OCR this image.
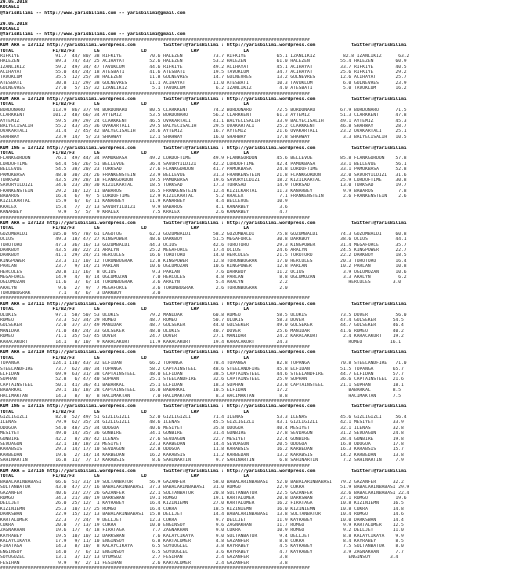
29.05.2018
KOCAELI
@YarisBilimi -- http://www.yarisbilimi.com -- yarisbilimi@gmail.com
29.05.2018
KOCAELI
@YarisBilimi -- http://www.yarisbilimi.com -- yarisbilimi@gmail.com
################################################################################################################
KUM ARA = 137112 http://yarisbilimi.wordpress.com          twitter:@YarisBilimi : http://yarisbilimi.wordpress.com             twitter:@YarisBilimi
TOTAL              F1/B2/F3       LG               LD                LRP                LA
RIFKIYE             91.7  44/ 80/ 38 RIFKIYE          70.6 HALEZEN           73.7 RIFKIYE           65.1 IZANLIKIZ          82.8 IZANLIKIZ      63.2
HALEZEN             89.3  74/ 43/ 25 ACIHAYAT         52.6 HALEZEN           53.2 HALEZEN           61.0 HALEZEN           55.4 HALEZEN        60.9
IZANLIKIZ           59.2  49/ 34/ 47 TAVUKLUM         44.6 RIFKIYE           49.2 ACIHAYAT          45.1 ACIHAYAT          33.7 RIFKIYE        40.5
ACIHAYAT            55.0  44/ 24/ 18 ATESBATI         41.6 ATESBATI          19.5 TAVUKLUM          34.7 ACIHAYAT          25.6 RIFKIYE        29.2
TAVUKLUM            35.5  12/ 25/ 38 HALEZEN          11.8 GULNEVRES         14.7 GULNEVRES         13.2 GULNEVRES         12.6 ACIHAYAT       25.7
ATESBATI            30.8  11/ 29/ 38 GULNEVRES        11.1 ACIHAYAT          11.0 ATESBATI          10.3 TAVUKLUM           6.0 GULNEVRES      23.9
GULNEVRES           27.0   5/ 15/ 32 IZANLIKIZ         5.1 TAVUKLUM           6.2 IZANLIKIZ          4.0 ATESBATI           5.0 TAVUKLUM       16.2
################################################################################################################
KUM ARA = 137120 http://yarisbilimi.wordpress.com          twitter:@YarisBilimi : http://yarisbilimi.wordpress.com             twitter:@YarisBilimi
TOTAL              F1/B2/F3       LG               LD                LRP                LA
BORDONARO          113.9  86/ 37/ 94 BORDONARO        80.5 CLARKKENT         74.2 BORDONARO         72.5 BORDONARO         67.9 BORDONARO      71.5
CLARKKENT          101.2  48/ 66/ 34 AYTEMIZ          53.5 BORDONARO         56.2 CLARKKENT         61.3 AYTEMIZ           51.3 CLARKKENT      47.8
AYTEMIZ             59.5  39/ 29/ 24 CLARKKENT        46.5 OVAKARTALI        41.1 BALYECISALIH      33.9 BALYECISALIH      49.1 AYTEMIZ        45.3
BALYECISALIH        55.2  43/ 35/ 36 OVAKARTALI       29.5 BALYECISALIH      29.5 OVAKARTALI        25.2 CLARKKENT         46.8 SHAHWAY        28.7
OVAKARTALI          31.4   2/ 45/ 42 BALYECISALIH     24.6 AYTEMIZ           16.7 AYTEMIZ           21.6 OVAKARTALI        23.2 OVAKARTALI     25.1
SHAHWAY             23.9  14/  5/ 23 SHAHWAY          12.1 SHAHWAY           16.0 SHAHWAY           17.8 SHAHWAY            3.3 BALYECISALIH   10.5
################################################################################################################
KUM ING = 137122 http://yarisbilimi.wordpress.com          twitter:@YarisBilimi : http://yarisbilimi.wordpress.com             twitter:@YarisBilimi
TOTAL              F1/B2/F3       LG               LD                LRP                LA
FLANKGORDON         76.1  49/ 44/ 34 PAMUKBASA        49.2 LORDOFTIME        49.9 FLANKGORDON       45.6 BELLEVUE          85.8 FLANKGORDON    57.8
LORDOFTIME          64.4  56/ 26/ 51 BELLEVUE         36.4 SAVURYILDIZI      42.2 LORDOFTIME        42.4 PAMUKBASA         33.1 BELLEVUE       56.1
BELLEVUE            54.5  38/ 20/ 23 TURKSAD          27.6 FLANKGORDON       41.7 PAMUKBASA         24.8 LORDOFTIME        33.1 PAMUKBASA      52.8
PAMUKBASA           48.0  30/ 24/ 26 FRANKENSTEIN     23.9 BELLEVUE          31.3 FRANKENSTEIN      21.8 FLANKGORDON       32.0 SAVURYILDIZI   31.6
TURKSAD             43.5  29/ 28/ 18 FLANKGORDON      19.5 PAMUKBASA         19.6 SAVURYILDIZI      18.2 KIZILKARTAL       25.9 LORDOFTIME     30.8
SAVURYILDIZI        34.6  23/ 28/ 30 KIZILKARTAL      18.5 TURKSAD           17.3 TURKSAD           14.9 TURKSAD           13.0 TURKSAD        19.7
FRANKENSTEIN        29.2  10/ 12/ 11 BABAROS          16.5 FRANKENSTEIN      12.4 KIZILKARTAL       11.3 KANARBEY           9.9 BABAROS         7.8
BABAROS             16.4   6/  9/  5 LORDOFTIME       12.9 KIZILKARTAL        5.2 KRALEX             7.1 FRANKENSTEIN       2.6 FRANKENSTEIN    2.6
KIZILKARTAL         15.9   6/  6/ 11 KANARBEY         11.9 KANARBEY           4.4 BELLEVUE          10.9
KRALEX              15.4   7/  2/ 13 SAVURYILDIZI      9.9 BABAROS            4.1 KANARBEY           3.6
KANARBEY             9.9   5/  5/  9 KRALEX            7.5 KRALEX             2.6 KANARBEY           4.7
################################################################################################################
KUM ARA = 137123 http://yarisbilimi.wordpress.com          twitter:@YarisBilimi : http://yarisbilimi.wordpress.com             twitter:@YarisBilimi
TOTAL              F1/B2/F3       LG               LD                LRP                LA
GOZUMBALDI         105.0  95/ 78/ 61 LAGOTOG          62.3 GOZUMBALDI        58.2 GOZUMBALDI        75.8 GOZUMBALDI        74.3 GOZUMBALDI     60.8
OCIUS               49.3  18/ 47/ 27 KINGPOWER        48.6 DARKBOY           51.5 MEGAFORCE         30.8 DARKBOY           38.6 OCIUS          44.1
TOROTORO            47.3  36/ 16/ 13 GOZUMBALDI       44.3 OCIUS             42.6 TOROTORO          29.3 KINGPOWER         31.4 MEGAFORCE      35.7
DARKBOY             43.5  30/ 22/ 21 ARALYN           25.2 MEGAFORCE         17.4 OCIUS             24.6 ARALYN            24.5 KINGPOWER      22.7
DARKBOY             41.1  29/ 24/ 21 HERCULES         16.6 TOROTORO          14.0 HERCULES          21.5 TOROTORO          22.2 DARKBOY        18.5
KINGPOWER           23.3  11/ 10/ 12 TORUNBUGRAK      12.8 KINGPOWER         12.8 TORUNBUGRAK       17.0 HERCULES          20.3 TOROTORO       16.4
PARLAN              23.7   9/ 14/ 21 PARLAN           10.6 OGLUMOZAN         10.6 KINGPOWER         12.8 PARLAN            10.2 PARLAN         10.8
HERCULES            20.8  11/ 16/  8 OCIUS             9.3 PARLAN             7.6 DARKBOY           11.2 OCIUS              3.9 OGLUMOZAN      10.6
MEGAFORCE           14.9   4/  8/ 14 OGLUMOZAN         7.0 HERCULES           4.8 PARLAN             8.8 OGLUMOZAN          3.3 ARALYN          6.2
OGLUMOZAN           11.6   3/  6/ 14 TORUNBUGRAK       3.6 ARALYN             5.4 ARALYN             2.2                      HERCULES        3.0
ARALYN               9.6   2/  9/  7 MEGAFORCE         3.6 TORUNBUGRAK        2.6 TORUNBUGRAK        2.0
TORUNBUGRAK          7.1   4/  6/  3 DARKBOY           3.0
################################################################################################################
KUM ARA = 137111 http://yarisbilimi.wordpress.com          twitter:@YarisBilimi : http://yarisbilimi.wordpress.com             twitter:@YarisBilimi
TOTAL              F1/B2/F3       LG               LD                LRP                LA
ULUKIS              97.1  58/ 50/ 53 ULUKIS           79.2 MANIDAR           60.8 ROMEO             58.5 ULUKIS            73.5 DOVER          56.0
ROMEO               73.3  52/ 34/ 29 ROMEO            48.7 ROMEO             50.7 ULUKIS            58.3 DOVER             47.4 GULSEKER      54.5
GULSEKER            72.0  37/ 37/ 49 MANIDAR          48.7 GULSEKER          44.0 GULSEKER          49.0 GULSEKER          44.7 GULSEKER      46.4
MANIDAR             71.0  48/ 24/ 33 GULSEKER         48.0 ULUKIS            40.7 DOVER             25.6 MANIDAR           41.6 ROMEO         40.2
ROMEO               71.1  35/ 53/ 45 DOVER            24.7 DOVER             27.1 MANIDAR           24.2 KARACAKURT         2.4 KARACAKURT    19.2
KARACAKURT          14.1   8/ 10/  9 KARACAKURT       11.9 KARACAKURT        19.4 KARACAKURT        24.3                      ROMEO          16.1
################################################################################################################
KUM ARA = 137119 http://yarisbilimi.wordpress.com          twitter:@YarisBilimi : http://yarisbilimi.wordpress.com             twitter:@YarisBilimi
TOTAL              F1/B2/F3       LG               LD                LRP                LA
TOPANGA            124.1 110/ 43/ 32 ELFIDAN          66.2 TOPANGA           78.4 TOPANGA           82.8 TOPANGA           70.8 STEELANDFIRE   71.0
STEELANDFIRE        73.7  62/ 30/ 34 TOPANGA          58.2 CAPTAINSTEEL      48.6 STEELANDFIRE      45.8 ELFIDAN           51.5 TOPANGA       65.7
ELFIDAN             69.9  63/ 31/ 38 CAPTAINSTEEL     48.0 ELFIDAN           38.5 CAPTAINSTEEL      44.6 STEELANDFIRE      44.7 ELFIDAN       57.7
SUPHAN              52.8   6/ 47/ 40 SUPHAN           25.1 STEELANDFIRE      32.6 CAPTAINSTEEL      25.9 SUPHAN            36.6 CAPTAINSTEEL  21.6
CAPTAINSTEEL        50.1  41/ 36/ 41 BABARKAL         25.1 ELFIDAN           18.3 SUPHAN            23.8 CAPTAINSTEEL      21.1 SUPHAN        18.1
BABARKAL            29.1  16/ 18/ 28 CAPTAINSTEEL     16.0 BABARKAL          10.5 ELFIDAN           17.2                      BABARKAL        8.5
HACIMAKTAN          14.3   8/  8/  8 HACIMAKTAN        7.0 HACIMAKTAN         8.3 HACIMAKTAN         8.8                      HACIMAKTAN      7.5
################################################################################################################
KUM ING = 137115 http://yarisbilimi.wordpress.com          twitter:@YarisBilimi : http://yarisbilimi.wordpress.com             twitter:@YarisBilimi
TOTAL              F1/B2/F3       LG               LD                LRP                LA
GIZLIGIZLI          82.0  52/ 49/ 51 GIZLIGIZLI       52.0 GIZLIGIZLI        71.4 ILENAS            53.3 ILENAS            45.6 GIZLIGIZLI     56.4
ILENAS              79.9  62/ 35/ 24 GIZLIGIZLI       48.6 ILENAS            45.5 GIZLIGIZLI        43.1 GIZLIGIZLI        42.1 MESIYET       33.9
ODOGOA              54.0  48/ 25/ 34 ODOGOA           40.6 MESIYET           35.8 ODOGOA            40.4 MESIYET           32.1 ILENAS        32.8
MESIYET             49.0  14/ 35/ 36 GUNBIRE          34.1 GUNBIRE           31.4 GUNBIRE           27.8 SEVDAGUN          31.2 SEVDAGUN      24.8
GUNBIRE             42.2   8/ 28/ 42 ILENAS           27.6 SEVDAGUN          22.7 MESIYET           22.4 GUNBIRE           28.4 GUNBIRE       19.8
SEVDAGUN            32.1  18/ 18/ 23 MESIYET          23.3 KARBEDAN          14.4 SEVDAGUN          20.5 ODOGOA            16.8 ODOGOA        17.8
KARABSIS            29.3  14/ 17/ 10 SEVDAGUN         22.8 ODOGOA            11.8 KARABSIS          16.2 KARBEDAN          16.3 KARABSIS      15.7
KARBEDAN            19.6   2/ 14/ 14 KARBEDAN         16.2 KARABSIS          11.2 KARBEDAN          13.2 KARABSIS          14.2 KARBEDAN      13.8
SAHINARTIN          16.8  11/  7/ 17 KARABSIS          8.6 SAHINARTIN         9.7 SAHINARTIN         6.8 SAHINARTIN         7.2 SAHINARTIN     7.9
################################################################################################################
KUM ARA = 137116 http://yarisbilimi.wordpress.com          twitter:@YarisBilimi : http://yarisbilimi.wordpress.com             twitter:@YarisBilimi
TOTAL              F1/B2/F3       LG               LD                LRP                LA
BABALARINBABASI     66.6  51/ 31/ 19 SULTANBATUR      56.9 GAZANFER          58.0 BABALARINBABASI   52.0 BABALARINBABASI   79.2 GAZANFER      32.2
SULTANBATUR         43.0  47/ 27/ 16 BABALARINBABASI  37.3 BABALARINBABASI   31.0 ROMGO             22.9 CUKRA             51.9 BABALARINBABASI 29.9
GAZANFER            40.6  23/ 27/ 26 GAZANFER         22.1 SULTANBATUR       20.8 SULTANBATUR       22.5 GAZANFER          32.6 BABALARINBABASI 22.4
ROMGO               34.3  21/ 30/ 19 DARKSWAN         19.1 ROMGO             19.1 KARTALOMER        20.8 DARKSWAN          27.1 ROMGO          19.6
DELLJET             26.0  25/ 12/  1 KAYRABEY         16.4 KIZINIEMN         27.0 KARTALOMER        16.2 FIRATAGA          10.8 KIZINIEMN     16.5
KIZINIEMN           25.3  10/ 17/ 25 ROMGO            16.4 CUKRA             18.5 KIZINIEMN         16.0 KIZINIEMN         10.8 CUKRA         14.8
DARKSWAN            22.9  15/ 12/ 13 BABALARINBABASI  15.8 DELLJET           14.4 BABALARINBABASI   13.8 SULTANBATUR       10.4 ROMGO         14.6
KARTALOMER          22.3   7/ 24/  9 DELLJET          12.3 CUKRA              9.7 DELLJET           11.9 KAYRABEY          10.0 DARKSWAN      14.4
CUKRA               20.0   7/ 13/ 19 CUKRA            10.0 ENGINSOY           9.6 ZAGNAKHAN         11.7 ROMGO              9.9 KARTALOMER    12.5
ZAGNAKHAN           19.6  17/  4/ 18 FIRATAGA          7.7 ZAGNAKHAN          9.0 CUKRA             10.9 ROMGO              9.2 DELLJET       11.0
KAYRABEY            19.5  10/ 10/ 12 DARKSWAN          7.6 KALAYCIKAYA        9.0 SULTANBATUR        9.4 DELLJET            8.8 KALAYCIKAYA    9.9
KALAYCIKAYA         17.9   9/ 11/ 10 ENGINSOY          6.8 KARTALOMER         4.8 GAZANFER           8.8 CUKRA              8.4 KAYRABEY       8.5
FIRATAGA            14.3   8/ 10/  8 KALAYCIKAYA       6.5 SOYUOGLEL          3.8 KAYRABEY           4.5 KAYRABEY           7.5 SULTANBATUR    8.0
ENGINSOY            14.0   7/  6/ 12 ENGINSOY          6.5 SOYUOGLEL          3.6 KAYRABEY           4.7 KAYRABEY           3.9 ZAGNAKHAN      7.7
SOYUGUZEL           13.1   3/ 12/ 13 UYUMSUZ           2.7 FESIHAN            2.4 GAZANFER           3.8                      ENGINSOY       3.4
FESIHAN              9.9   9/  2/ 11 FESIHAN           2.6 KARTALOMER         2.4 GAZANFER           3.8
################################################################################################################
